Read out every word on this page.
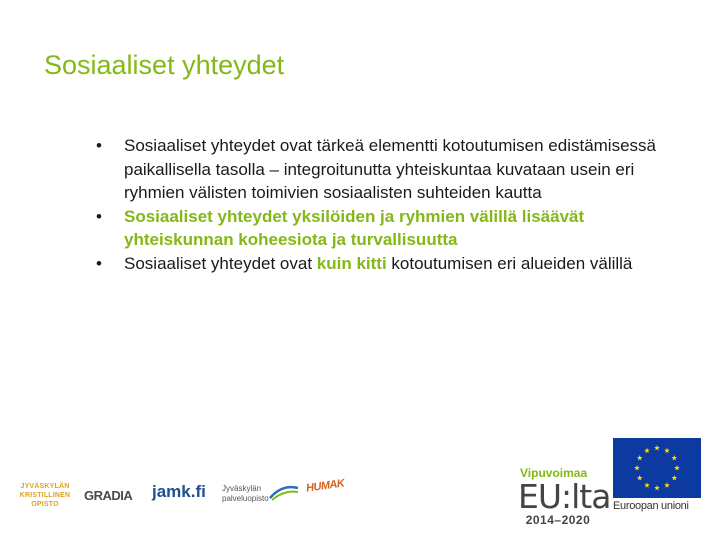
Sosiaaliset yhteydet
• Sosiaaliset yhteydet ovat tärkeä elementti kotoutumisen edistämisessä paikallisella tasolla – integroitunutta yhteiskuntaa kuvataan usein eri ryhmien välisten toimivien sosiaalisten suhteiden kautta
• Sosiaaliset yhteydet yksilöiden ja ryhmien välillä lisäävät yhteiskunnan koheesiota ja turvallisuutta
• Sosiaaliset yhteydet ovat kuin kitti kotoutumisen eri alueiden välillä
JYVÄSKYLÄN
KRISTILLINEN
OPISTO
GRADIA jamk.fi	Jyväskylän
palveluopisto
HUMAK
Vipuvoimaa
EU:lta
2014–2020
Euroopan unioni
